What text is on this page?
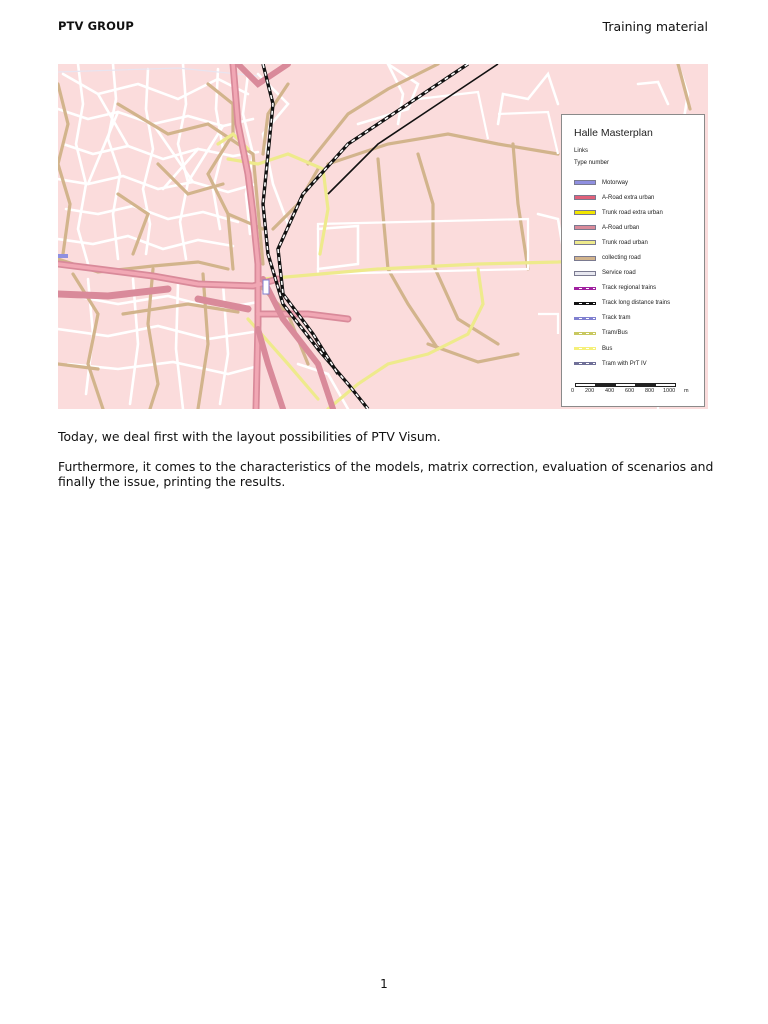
PTV GROUP	Training material
Halle Masterplan
Links
Type number
Motorway
A-Road extra urban
Trunk road extra urban
A-Road urban
Trunk road urban
collecting road
Service road
Track regional trains
Track long distance trains
Track tram
Tram/Bus
Bus
Tram with PrT IV
0 200 400 600 800 1000 m
Today, we deal first with the layout possibilities of PTV Visum.
Furthermore, it comes to the characteristics of the models, matrix correction, evaluation of scenarios and finally the issue, printing the results.
1
